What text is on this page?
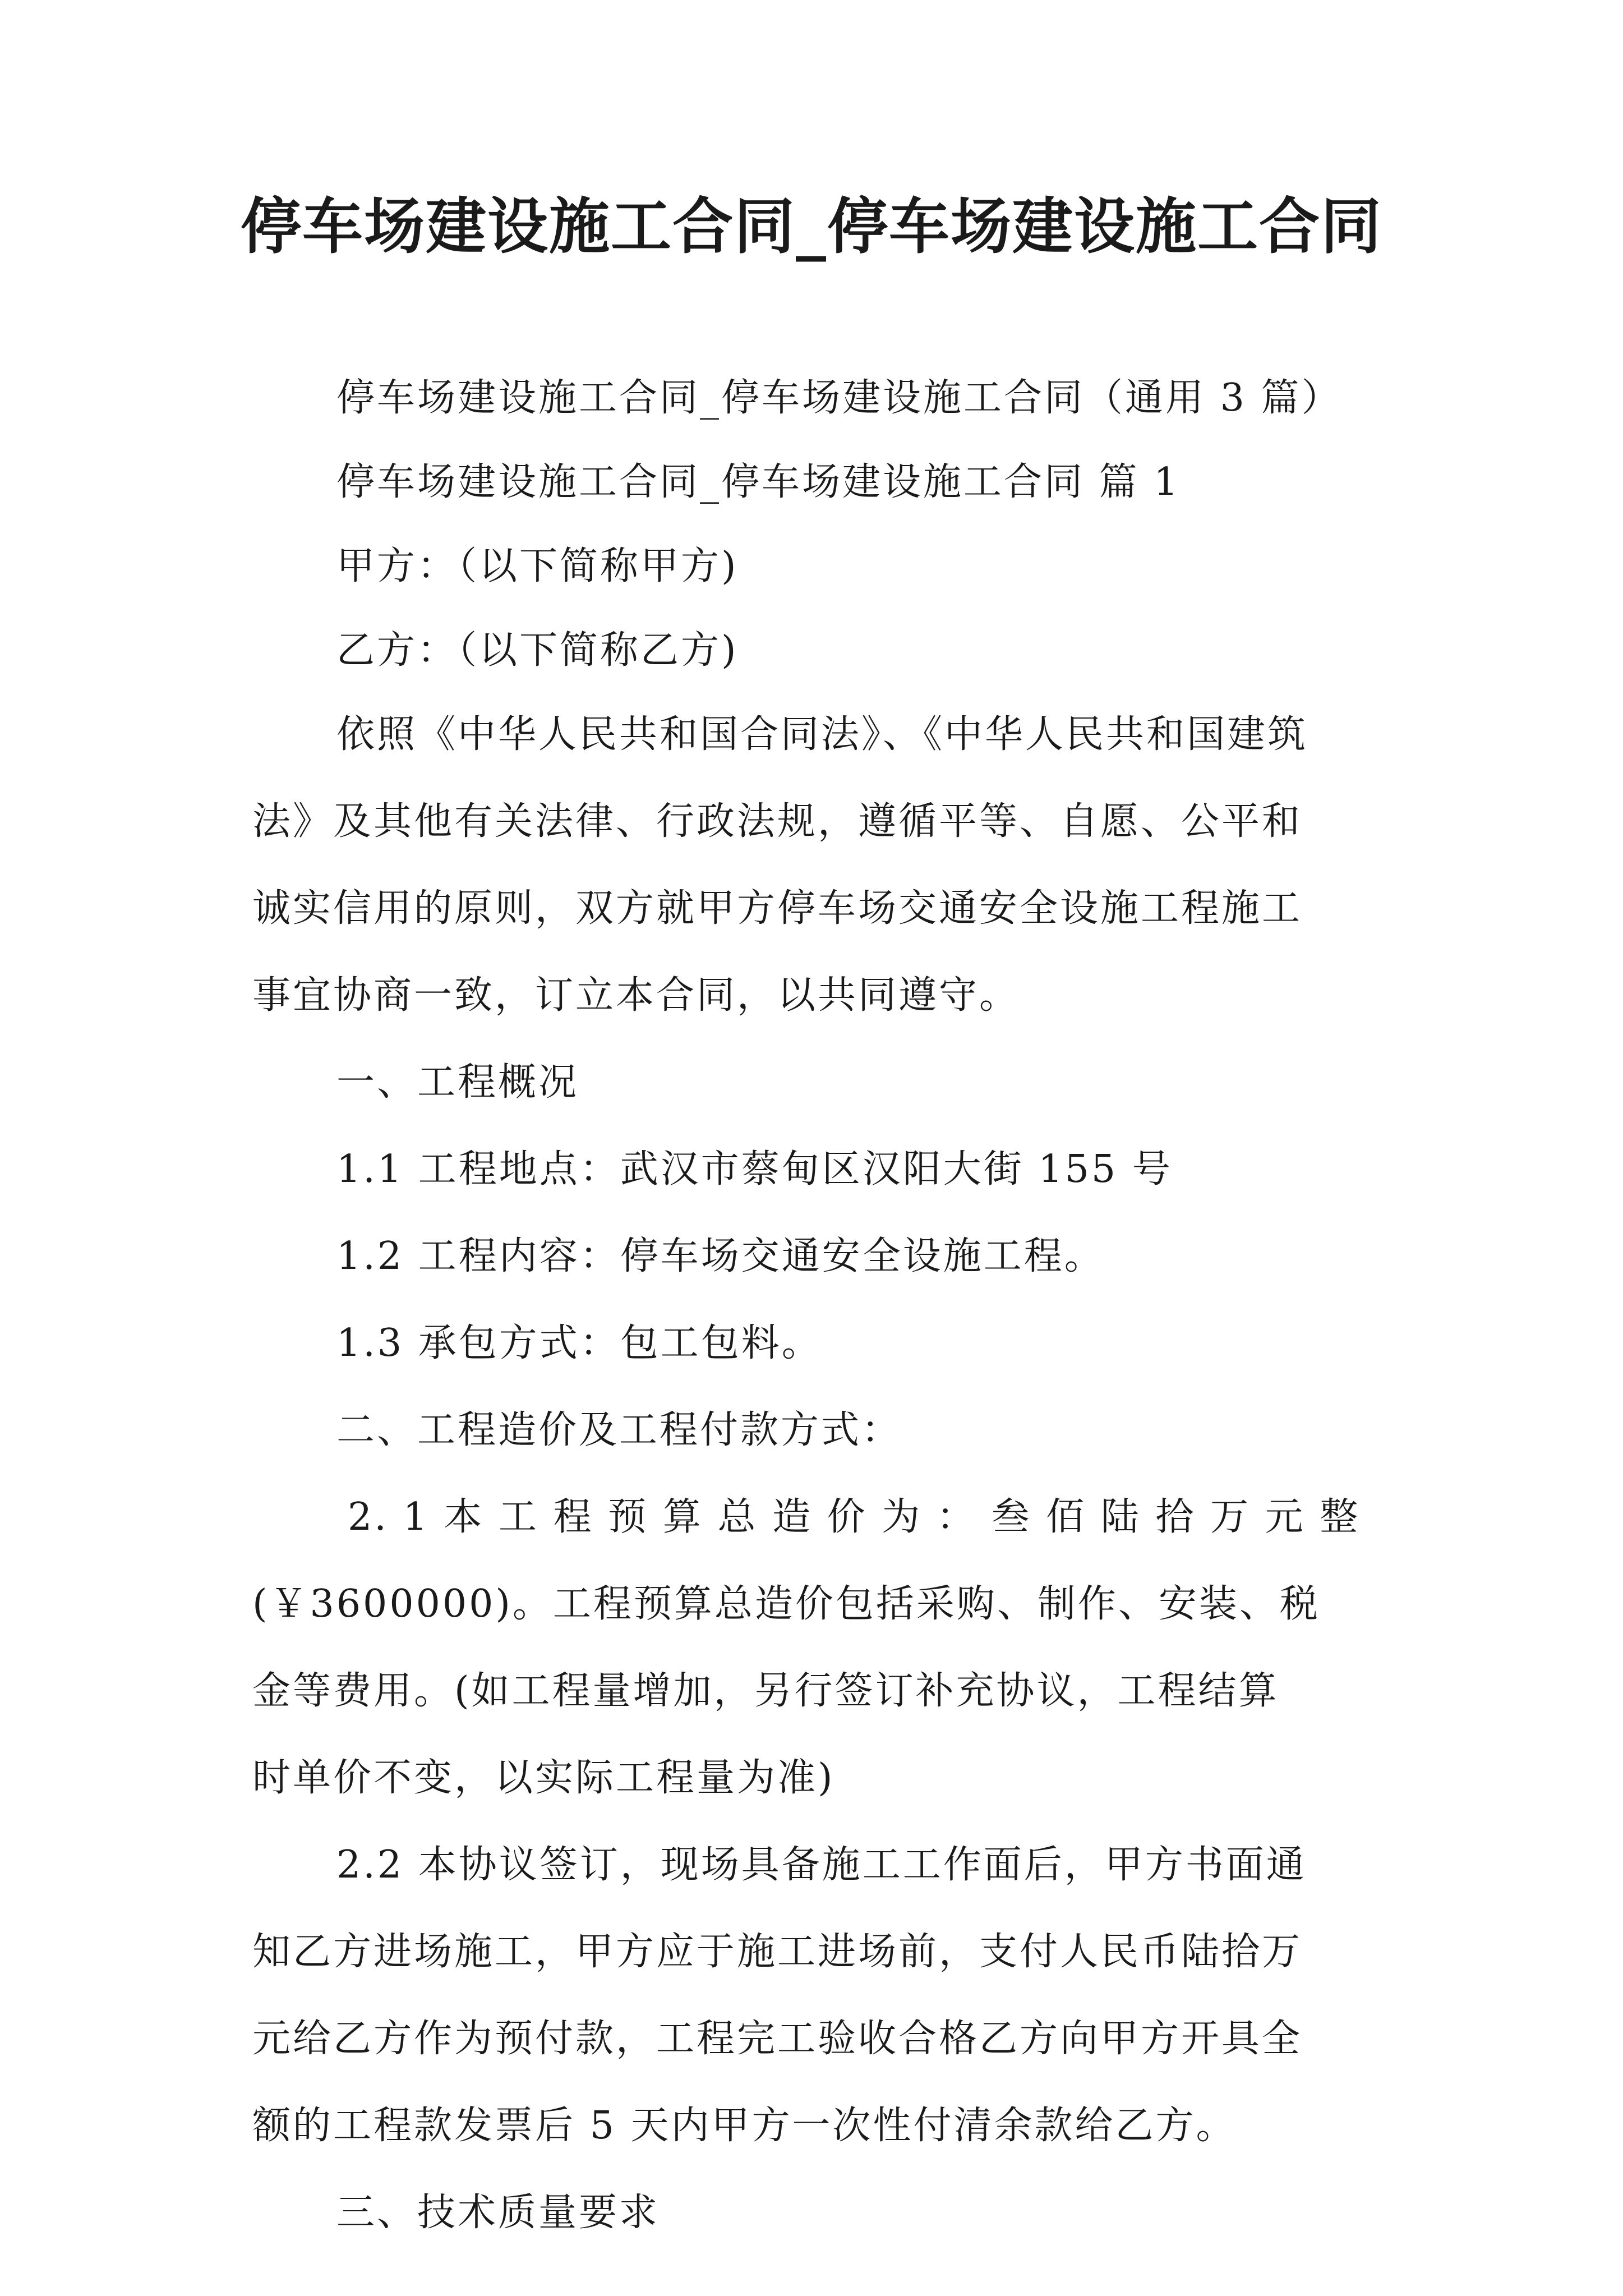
停车场建设施工合同_停车场建设施工合同
停车场建设施工合同_停车场建设施工合同（通用 3 篇）
停车场建设施工合同_停车场建设施工合同 篇 1
甲方：（以下简称甲方)
乙方：（以下简称乙方)
依照《中华人民共和国合同法》、《中华人民共和国建筑
法》及其他有关法律、行政法规，遵循平等、自愿、公平和
诚实信用的原则，双方就甲方停车场交通安全设施工程施工
事宜协商一致，订立本合同，以共同遵守。
一、工程概况
1.1 工程地点：武汉市蔡甸区汉阳大街 155 号
1.2 工程内容：停车场交通安全设施工程。
1.3 承包方式：包工包料。
二、工程造价及工程付款方式：
2. 1 本 工 程 预 算 总 造 价 为 ： 叁 佰 陆 拾 万 元 整
(￥3600000)。工程预算总造价包括采购、制作、安装、税
金等费用。(如工程量增加，另行签订补充协议，工程结算
时单价不变，以实际工程量为准)
2.2 本协议签订，现场具备施工工作面后，甲方书面通
知乙方进场施工，甲方应于施工进场前，支付人民币陆拾万
元给乙方作为预付款，工程完工验收合格乙方向甲方开具全
额的工程款发票后 5 天内甲方一次性付清余款给乙方。
三、技术质量要求
